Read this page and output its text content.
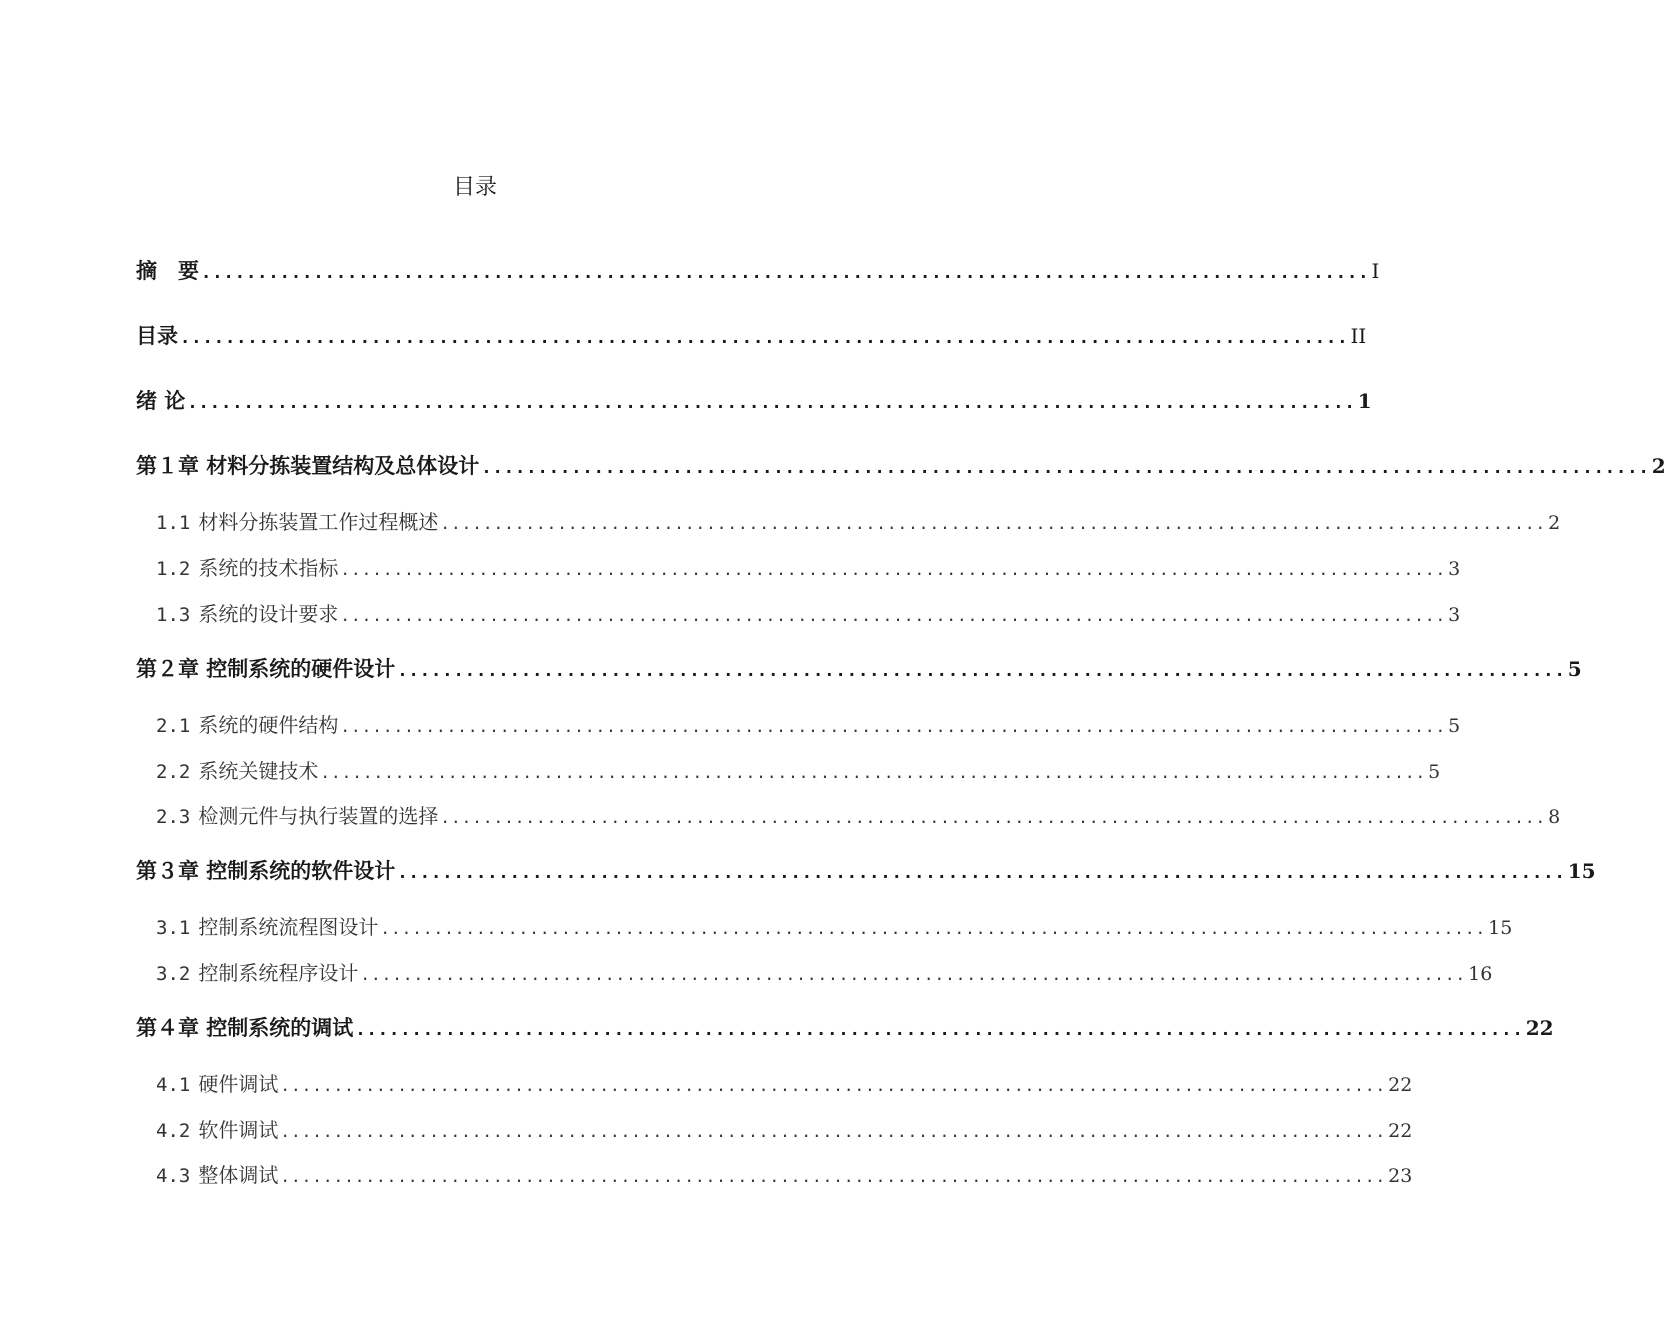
目录
摘　要 ........................................................................................................ I
目录 ........................................................................................................ II
绪 论 ........................................................................................................ 1
第１章 材料分拣装置结构及总体设计 ........................................................................................................ 2
1.1 材料分拣装置工作过程概述 ........................................................................................................ 2
1.2 系统的技术指标 ........................................................................................................ 3
1.3 系统的设计要求 ........................................................................................................ 3
第２章 控制系统的硬件设计 ........................................................................................................ 5
2.1 系统的硬件结构 ........................................................................................................ 5
2.2 系统关键技术 ........................................................................................................ 5
2.3 检测元件与执行装置的选择 ........................................................................................................ 8
第３章 控制系统的软件设计 ........................................................................................................ 15
3.1 控制系统流程图设计 ........................................................................................................ 15
3.2 控制系统程序设计 ........................................................................................................ 16
第４章 控制系统的调试 ........................................................................................................ 22
4.1 硬件调试 ........................................................................................................ 22
4.2 软件调试 ........................................................................................................ 22
4.3 整体调试 ........................................................................................................ 23
